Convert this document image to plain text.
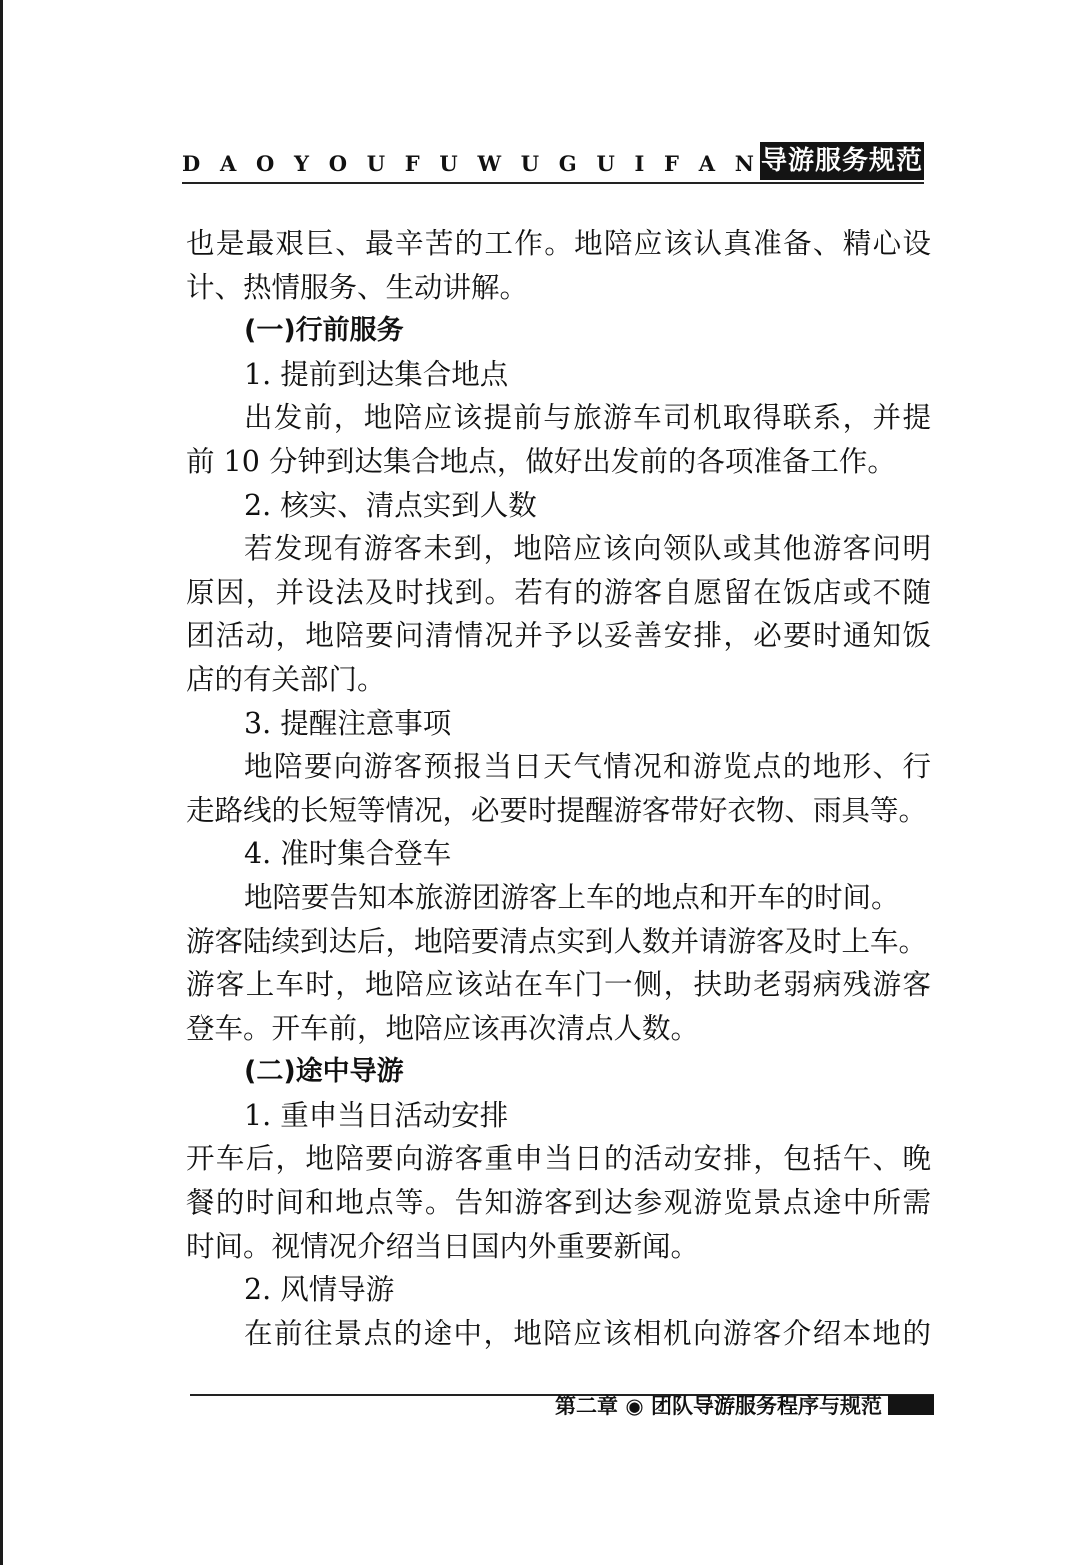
D A O Y O U F U W U G U I F A N 导游服务规范
也是最艰巨、最辛苦的工作。地陪应该认真准备、精心设
计、热情服务、生动讲解。
(一)行前服务
1. 提前到达集合地点
出发前，地陪应该提前与旅游车司机取得联系，并提
前 10 分钟到达集合地点，做好出发前的各项准备工作。
2. 核实、清点实到人数
若发现有游客未到，地陪应该向领队或其他游客问明
原因，并设法及时找到。若有的游客自愿留在饭店或不随
团活动，地陪要问清情况并予以妥善安排，必要时通知饭
店的有关部门。
3. 提醒注意事项
地陪要向游客预报当日天气情况和游览点的地形、行
走路线的长短等情况，必要时提醒游客带好衣物、雨具等。
4. 准时集合登车
地陪要告知本旅游团游客上车的地点和开车的时间。
游客陆续到达后，地陪要清点实到人数并请游客及时上车。
游客上车时，地陪应该站在车门一侧，扶助老弱病残游客
登车。开车前，地陪应该再次清点人数。
(二)途中导游
1. 重申当日活动安排
开车后，地陪要向游客重申当日的活动安排，包括午、晚
餐的时间和地点等。告知游客到达参观游览景点途中所需
时间。视情况介绍当日国内外重要新闻。
2. 风情导游
在前往景点的途中，地陪应该相机向游客介绍本地的
第二章 ◉ 团队导游服务程序与规范
